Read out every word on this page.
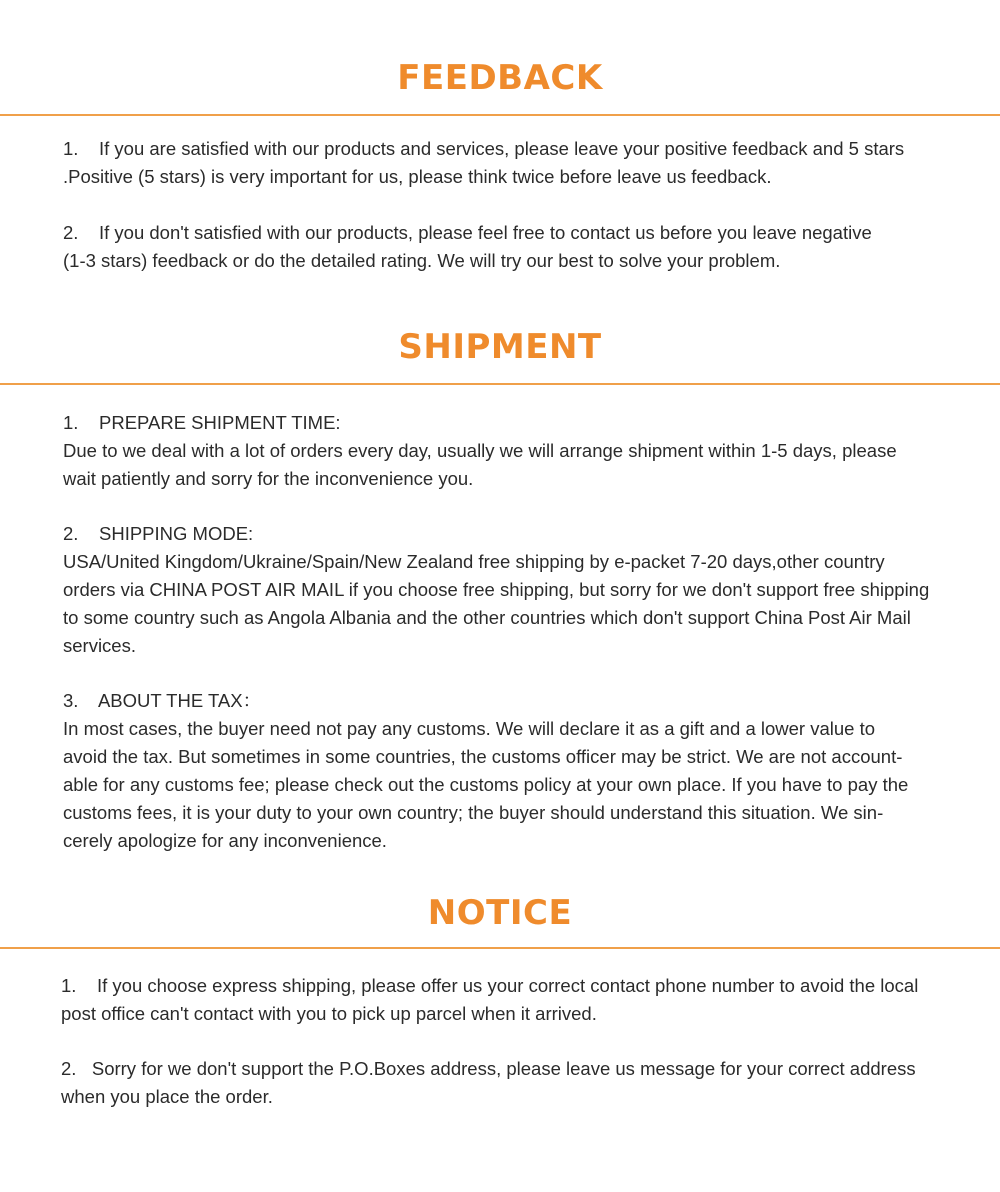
FEEDBACK

1.    If you are satisfied with our products and services, please leave your positive feedback and 5 stars
.Positive (5 stars) is very important for us, please think twice before leave us feedback.

2.    If you don't satisfied with our products, please feel free to contact us before you leave negative
(1-3 stars) feedback or do the detailed rating. We will try our best to solve your problem.

SHIPMENT

1.    PREPARE SHIPMENT TIME:
Due to we deal with a lot of orders every day, usually we will arrange shipment within 1-5 days, please
wait patiently and sorry for the inconvenience you.

2.    SHIPPING MODE:
USA/United Kingdom/Ukraine/Spain/New Zealand free shipping by e-packet 7-20 days,other country
orders via CHINA POST AIR MAIL if you choose free shipping, but sorry for we don't support free shipping
to some country such as Angola Albania and the other countries which don't support China Post Air Mail
services.

3.    ABOUT THE TAX：
In most cases, the buyer need not pay any customs. We will declare it as a gift and a lower value to
avoid the tax. But sometimes in some countries, the customs officer may be strict. We are not account-
able for any customs fee; please check out the customs policy at your own place. If you have to pay the
customs fees, it is your duty to your own country; the buyer should understand this situation. We sin-
cerely apologize for any inconvenience.

NOTICE

1.    If you choose express shipping, please offer us your correct contact phone number to avoid the local
post office can't contact with you to pick up parcel when it arrived.

2.   Sorry for we don't support the P.O.Boxes address, please leave us message for your correct address
when you place the order.
